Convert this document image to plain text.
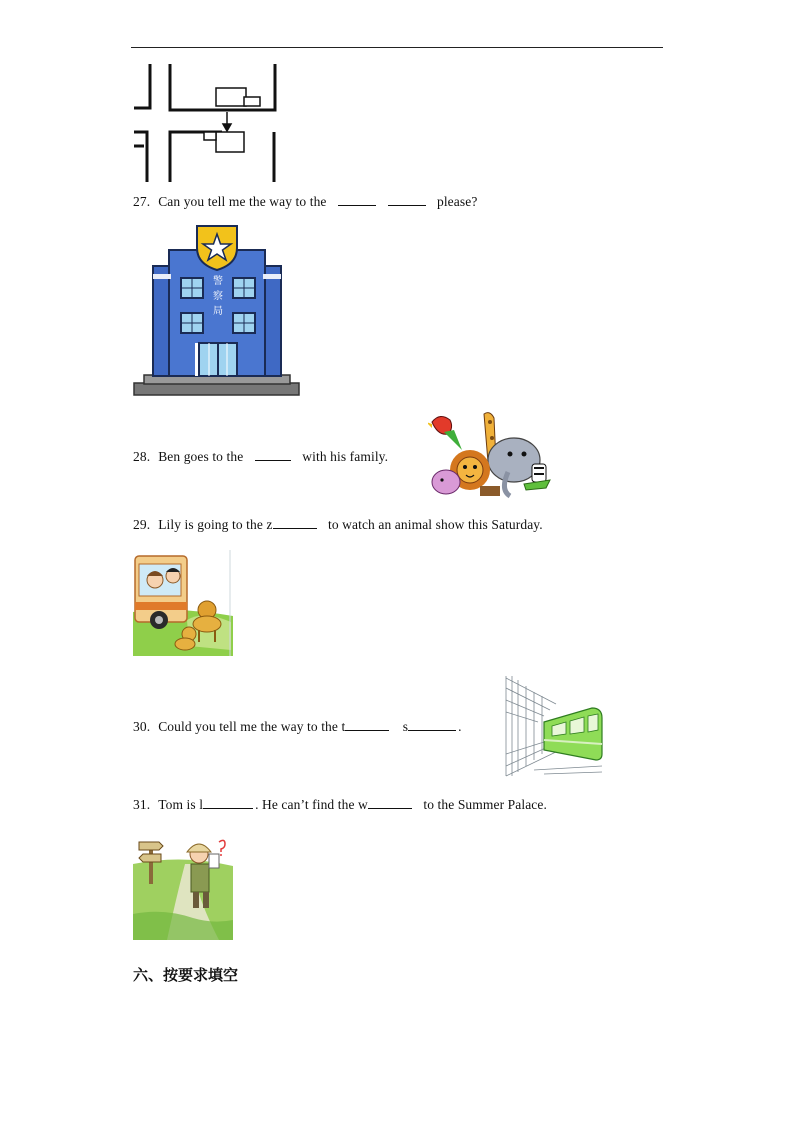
27. Can you tell me the way to the	please?
警
察
局
28. Ben goes to the	with his family.
29. Lily is going to the z	to watch an animal show this Saturday.
30. Could you tell me the way to the t	s	.
31. Tom is l	. He can’t find the w	to the Summer Palace.
六、按要求填空
